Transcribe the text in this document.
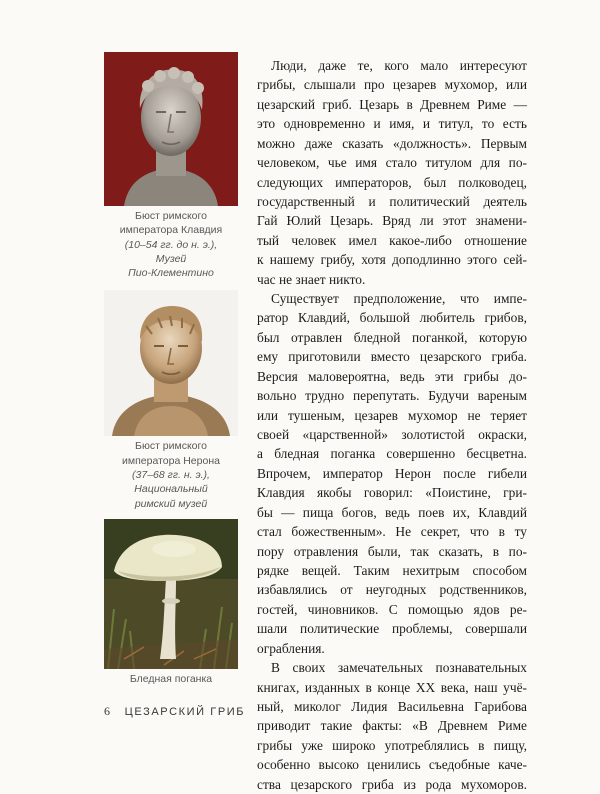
Бюст римского
императора Клавдия
(10–54 гг. до н. э.),
Музей
Пио-Клементино
Бюст римского
императора Нерона
(37–68 гг. н. э.),
Национальный
римский музей
Бледная поганка

Люди, даже те, кого мало интересуют
грибы, слышали про цезарев мухомор, или
цезарский гриб. Цезарь в Древнем Риме —
это одновременно и имя, и титул, то есть
можно даже сказать «должность». Первым
человеком, чье имя стало титулом для по-
следующих императоров, был полководец,
государственный и политический деятель
Гай Юлий Цезарь. Вряд ли этот знамени-
тый человек имел какое-либо отношение
к нашему грибу, хотя доподлинно этого сей-
час не знает никто.

Существует предположение, что импе-
ратор Клавдий, большой любитель грибов,
был отравлен бледной поганкой, которую
ему приготовили вместо цезарского гриба.
Версия маловероятна, ведь эти грибы до-
вольно трудно перепутать. Будучи вареным
или тушеным, цезарев мухомор не теряет
своей «царственной» золотистой окраски,
а бледная поганка совершенно бесцветна.
Впрочем, император Нерон после гибели
Клавдия якобы говорил: «Поистине, гри-
бы — пища богов, ведь поев их, Клавдий
стал божественным». Не секрет, что в ту
пору отравления были, так сказать, в по-
рядке вещей. Таким нехитрым способом
избавлялись от неугодных родственников,
гостей, чиновников. С помощью ядов ре-
шали политические проблемы, совершали
ограбления.

В своих замечательных познавательных
книгах, изданных в конце XX века, наш учё-
ный, миколог Лидия Васильевна Гарибова
приводит такие факты: «В Древнем Риме
грибы уже широко употреблялись в пищу,
особенно высоко ценились съедобные каче-
ства цезарского гриба из рода мухоморов.

6 ЦЕЗАРСКИЙ ГРИБ
